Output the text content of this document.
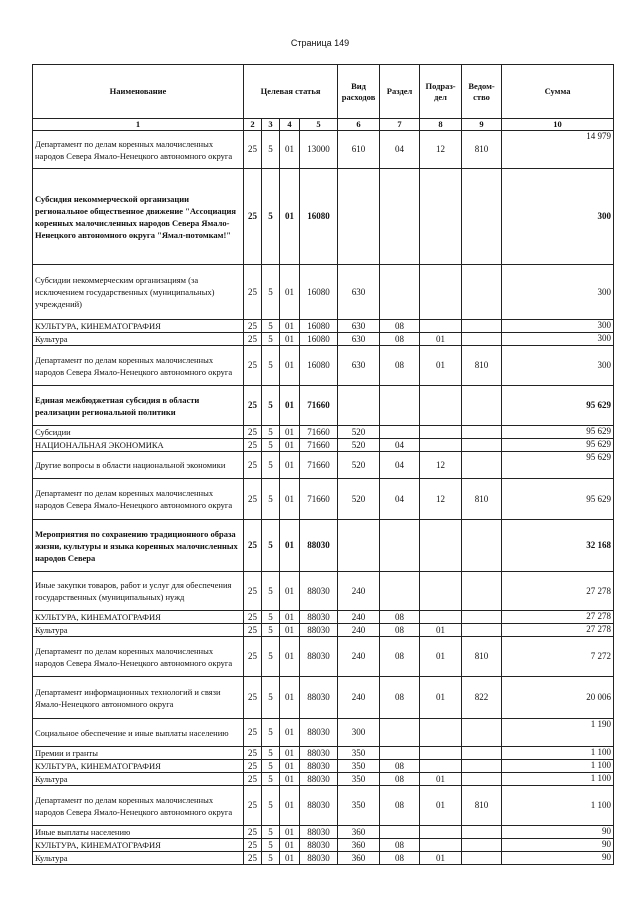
Страница 149
Наименование	Целевая статья				Вид расходов	Раздел	Подраз- дел	Ведом- ство	Сумма
1	2	3	4	5	6	7	8	9	10
Департамент по делам коренных малочисленных народов Севера Ямало-Ненецкого автономного округа	25	5	01	13000	610	04	12	810	14 979
Субсидия некоммерческой организации региональное общественное движение "Ассоциация коренных малочисленных народов Севера Ямало-Ненецкого автономного округа "Ямал-потомкам!"	25	5	01	16080					300
Субсидии некоммерческим организациям (за исключением государственных (муниципальных) учреждений)	25	5	01	16080	630				300
КУЛЬТУРА, КИНЕМАТОГРАФИЯ	25	5	01	16080	630	08			300
Культура	25	5	01	16080	630	08	01		300
Департамент по делам коренных малочисленных народов Севера Ямало-Ненецкого автономного округа	25	5	01	16080	630	08	01	810	300
Единая межбюджетная субсидия в области реализации региональной политики	25	5	01	71660					95 629
Субсидии	25	5	01	71660	520				95 629
НАЦИОНАЛЬНАЯ ЭКОНОМИКА	25	5	01	71660	520	04			95 629
Другие вопросы в области национальной экономики	25	5	01	71660	520	04	12		95 629
Департамент по делам коренных малочисленных народов Севера Ямало-Ненецкого автономного округа	25	5	01	71660	520	04	12	810	95 629
Мероприятия по сохранению традиционного образа жизни, культуры и языка коренных малочисленных народов Севера	25	5	01	88030					32 168
Иные закупки товаров, работ и услуг для обеспечения государственных (муниципальных) нужд	25	5	01	88030	240				27 278
КУЛЬТУРА, КИНЕМАТОГРАФИЯ	25	5	01	88030	240	08			27 278
Культура	25	5	01	88030	240	08	01		27 278
Департамент по делам коренных малочисленных народов Севера Ямало-Ненецкого автономного округа	25	5	01	88030	240	08	01	810	7 272
Департамент информационных технологий и связи Ямало-Ненецкого автономного округа	25	5	01	88030	240	08	01	822	20 006
Социальное обеспечение и иные выплаты населению	25	5	01	88030	300				1 190
Премии и гранты	25	5	01	88030	350				1 100
КУЛЬТУРА, КИНЕМАТОГРАФИЯ	25	5	01	88030	350	08			1 100
Культура	25	5	01	88030	350	08	01		1 100
Департамент по делам коренных малочисленных народов Севера Ямало-Ненецкого автономного округа	25	5	01	88030	350	08	01	810	1 100
Иные выплаты населению	25	5	01	88030	360				90
КУЛЬТУРА, КИНЕМАТОГРАФИЯ	25	5	01	88030	360	08			90
Культура	25	5	01	88030	360	08	01		90
